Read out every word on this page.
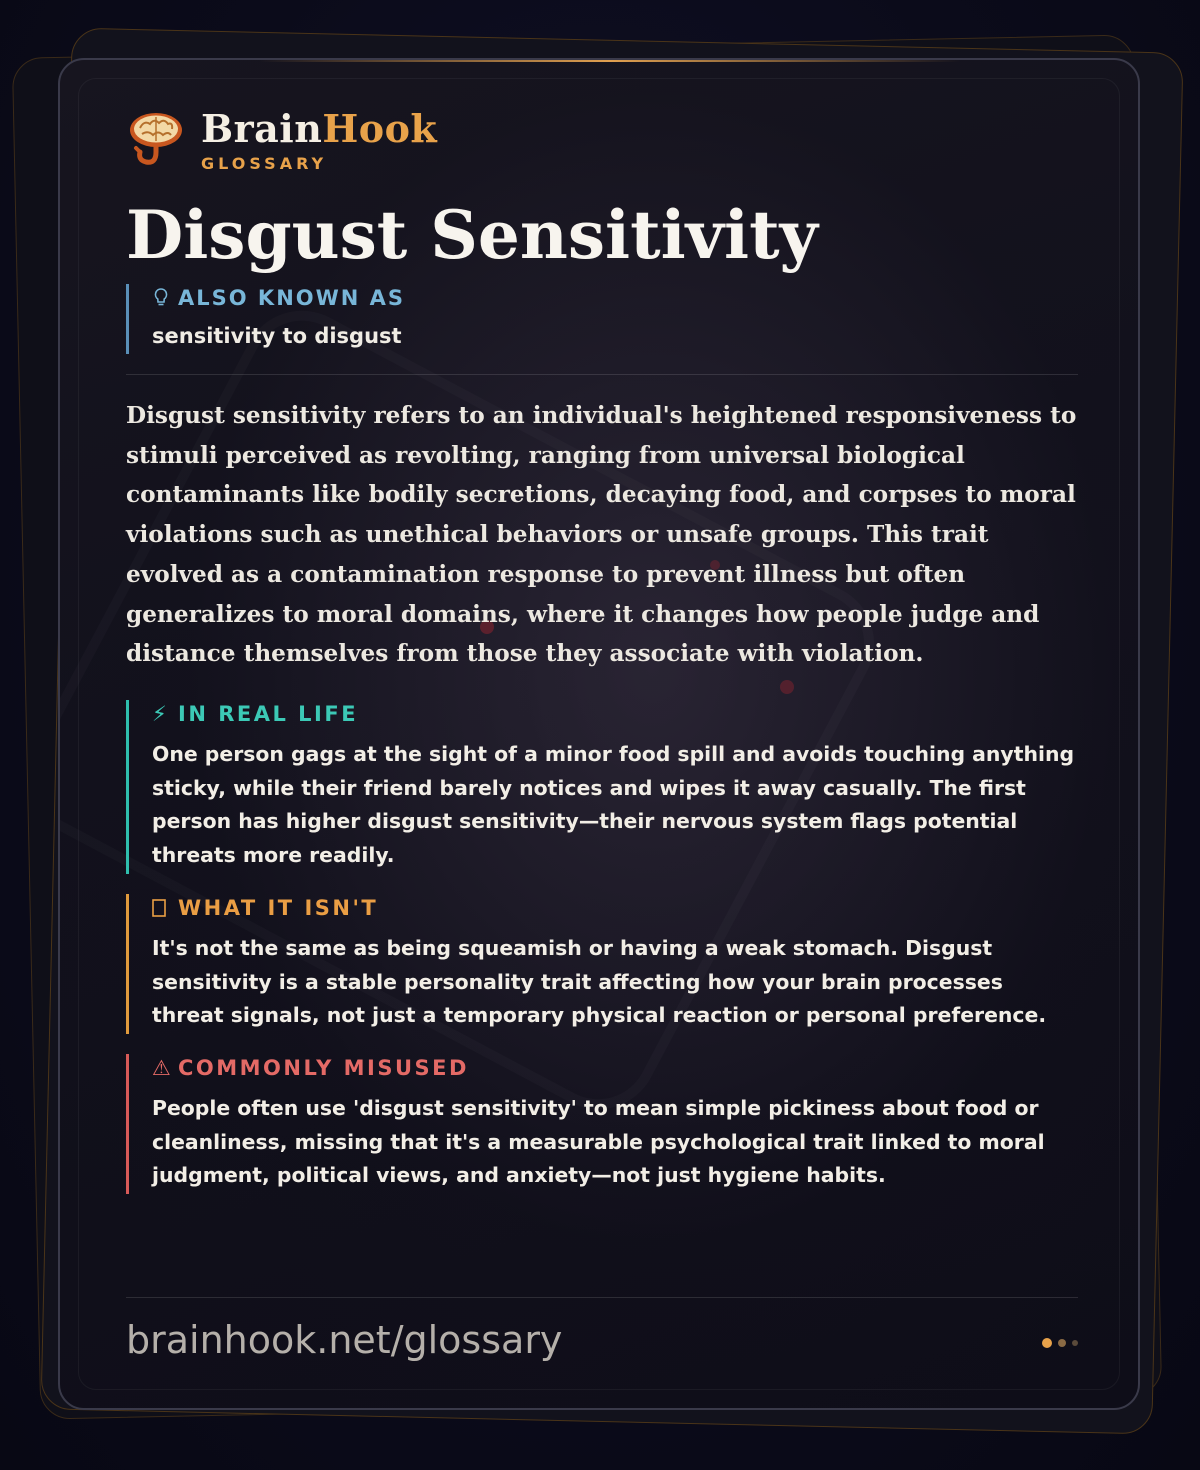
BrainHook
GLOSSARY
Disgust Sensitivity
ALSO KNOWN AS
sensitivity to disgust
Disgust sensitivity refers to an individual's heightened responsiveness to stimuli perceived as revolting, ranging from universal biological contaminants like bodily secretions, decaying food, and corpses to moral violations such as unethical behaviors or unsafe groups. This trait evolved as a contamination response to prevent illness but often generalizes to moral domains, where it changes how people judge and distance themselves from those they associate with violation.
⚡ IN REAL LIFE
One person gags at the sight of a minor food spill and avoids touching anything sticky, while their friend barely notices and wipes it away casually. The first person has higher disgust sensitivity—their nervous system flags potential threats more readily.
WHAT IT ISN'T
It's not the same as being squeamish or having a weak stomach. Disgust sensitivity is a stable personality trait affecting how your brain processes threat signals, not just a temporary physical reaction or personal preference.
⚠ COMMONLY MISUSED
People often use 'disgust sensitivity' to mean simple pickiness about food or cleanliness, missing that it's a measurable psychological trait linked to moral judgment, political views, and anxiety—not just hygiene habits.
brainhook.net/glossary
